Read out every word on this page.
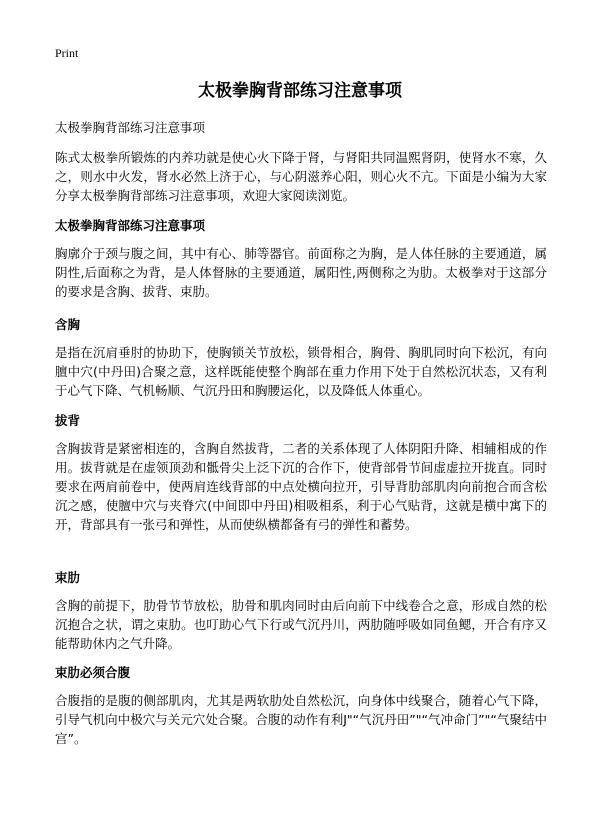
Print
太极拳胸背部练习注意事项

太极拳胸背部练习注意事项

陈式太极拳所锻炼的内养功就是使心火下降于肾，与肾阳共同温熙肾阴，使肾水不寒，久之，则水中火发，肾水必然上济于心，与心阴滋养心阳，则心火不亢。下面是小编为大家分享太极拳胸背部练习注意事项，欢迎大家阅读浏览。

太极拳胸背部练习注意事项

胸廓介于颈与腹之间，其中有心、肺等器官。前面称之为胸，是人体任脉的主要通道，属阴性,后面称之为背，是人体督脉的主要通道，属阳性,两侧称之为肋。太极拳对于这部分的要求是含胸、拔背、束肋。

含胸

是指在沉肩垂肘的协助下，使胸锁关节放松，锁骨相合，胸骨、胸肌同时向下松沉，有向膻中穴(中丹田)合聚之意，这样既能使整个胸部在重力作用下处于自然松沉状态，又有利于心气下降、气机畅顺、气沉丹田和胸腰运化，以及降低人体重心。

拔背

含胸拔背是紧密相连的，含胸自然拔背，二者的关系体现了人体阴阳升降、相辅相成的作用。拔背就是在虚领顶劲和骶骨尖上泛下沉的合作下，使背部骨节间虚虚拉开拢直。同时要求在两肩前卷中，使两肩连线背部的中点处横向拉开，引导背肋部肌肉向前抱合而含松沉之感，使膻中穴与夹脊穴(中间即中丹田)相吸相系，利于心气贴背，这就是横中寓下的开，背部具有一张弓和弹性，从而使纵横都备有弓的弹性和蓄势。

束肋

含胸的前提下，肋骨节节放松，肋骨和肌肉同时由后向前下中线卷合之意，形成自然的松沉抱合之状，谓之束肋。也叮助心气下行或气沉丹川，两肋随呼吸如同鱼鳃，开合有序又能帮助休内之气升降。

束肋必须合腹

合腹指的是腹的侧部肌肉，尤其是两软肋处自然松沉，向身体中线聚合，随着心气下降，引导气机向中极穴与关元穴处合聚。合腹的动作有利J"“气沉丹田”"“气冲命门”"“气聚结中宫”。
